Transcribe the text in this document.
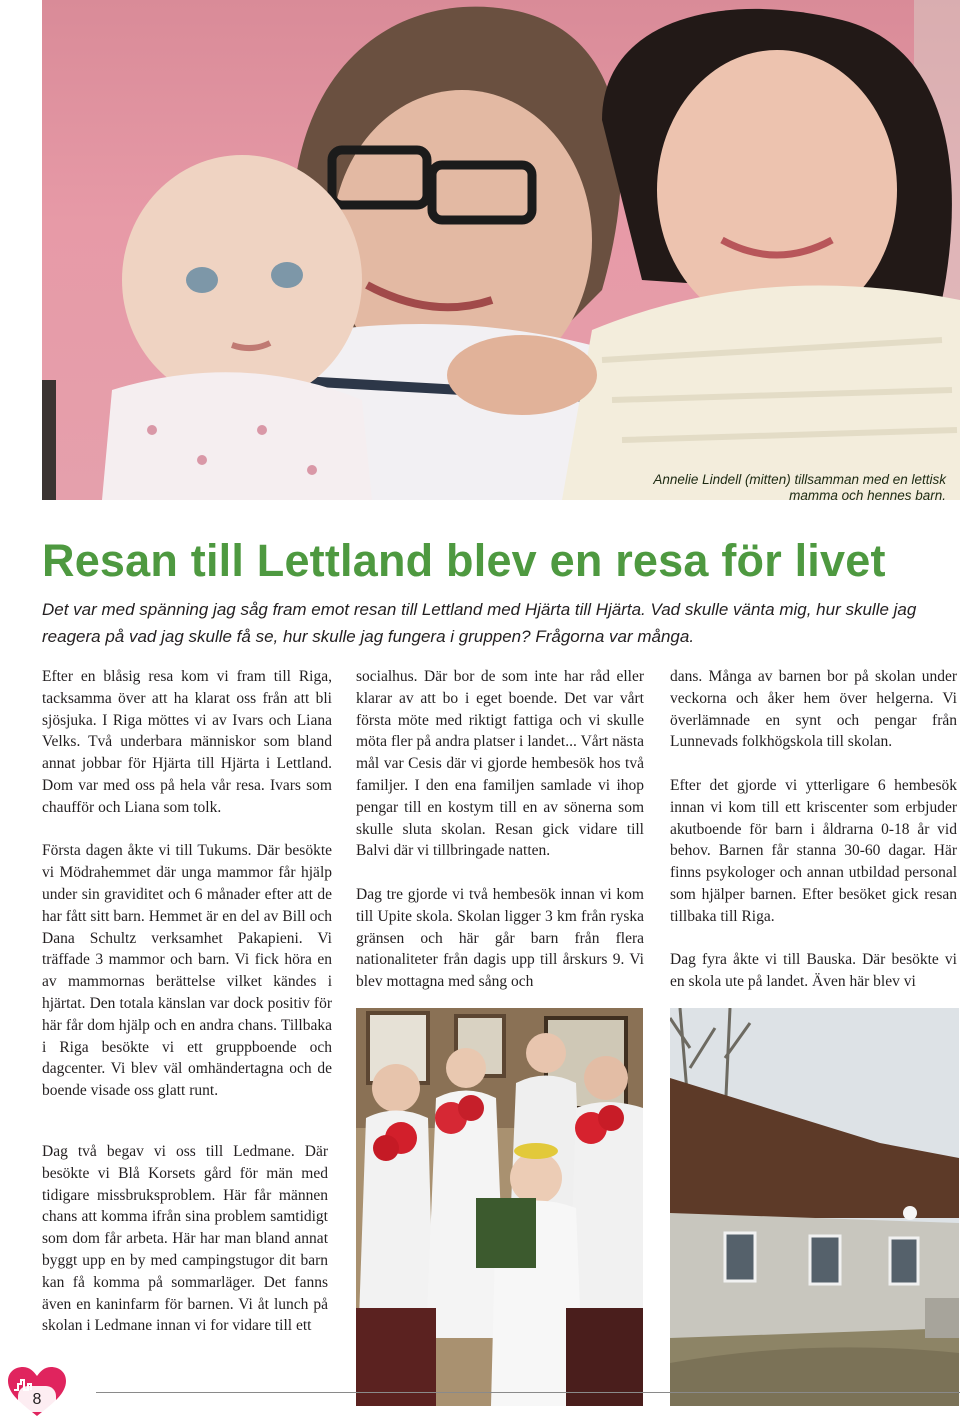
Annelie Lindell (mitten) tillsamman med en lettisk
mamma och hennes barn.
Resan till Lettland blev en resa för livet

Det var med spänning jag såg fram emot resan till Lettland med Hjärta till Hjärta. Vad skulle vänta mig, hur skulle jag reagera på vad jag skulle få se, hur skulle jag fungera i gruppen? Frågorna var många.

Efter en blåsig resa kom vi fram till Riga, tacksamma över att ha klarat oss från att bli sjösjuka. I Riga möttes vi av Ivars och Liana Velks. Två underbara människor som bland annat jobbar för Hjärta till Hjärta i Lettland. Dom var med oss på hela vår resa. Ivars som chaufför och Liana som tolk.

Första dagen åkte vi till Tukums. Där besökte vi Mödrahemmet där unga mammor får hjälp under sin graviditet och 6 månader efter att de har fått sitt barn. Hemmet är en del av Bill och Dana Schultz verksamhet Pakapieni. Vi träffade 3 mammor och barn. Vi fick höra en av mammornas berättelse vilket kändes i hjärtat. Den totala känslan var dock positiv för här får dom hjälp och en andra chans. Tillbaka i Riga besökte vi ett gruppboende och dagcenter. Vi blev väl omhändertagna och de boende visade oss glatt runt.

Dag två begav vi oss till Ledmane. Där besökte vi Blå Korsets gård för män med tidigare missbruksproblem. Här får männen chans att komma ifrån sina problem samtidigt som dom får arbeta. Här har man bland annat byggt upp en by med campingstugor dit barn kan få komma på sommarläger. Det fanns även en kaninfarm för barnen. Vi åt lunch på skolan i Ledmane innan vi for vidare till ett

socialhus. Där bor de som inte har råd eller klarar av att bo i eget boende. Det var vårt första möte med riktigt fattiga och vi skulle möta fler på andra platser i landet... Vårt nästa mål var Cesis där vi gjorde hembesök hos två familjer. I den ena familjen samlade vi ihop pengar till en kostym till en av sönerna som skulle sluta skolan. Resan gick vidare till Balvi där vi tillbringade natten.

Dag tre gjorde vi två hembesök innan vi kom till Upite skola. Skolan ligger 3 km från ryska gränsen och här går barn från flera nationaliteter från dagis upp till årskurs 9. Vi blev mottagna med sång och

dans. Många av barnen bor på skolan under veckorna och åker hem över helgerna. Vi överlämnade en synt och pengar från Lunnevads folkhögskola till skolan.

Efter det gjorde vi ytterligare 6 hembesök innan vi kom till ett kriscenter som erbjuder akutboende för barn i åldrarna 0-18 år vid behov. Barnen får stanna 30-60 dagar. Här finns psykologer och annan utbildad personal som hjälper barnen. Efter besöket gick resan tillbaka till Riga.

Dag fyra åkte vi till Bauska. Där besökte vi en skola ute på landet. Även här blev vi

8
